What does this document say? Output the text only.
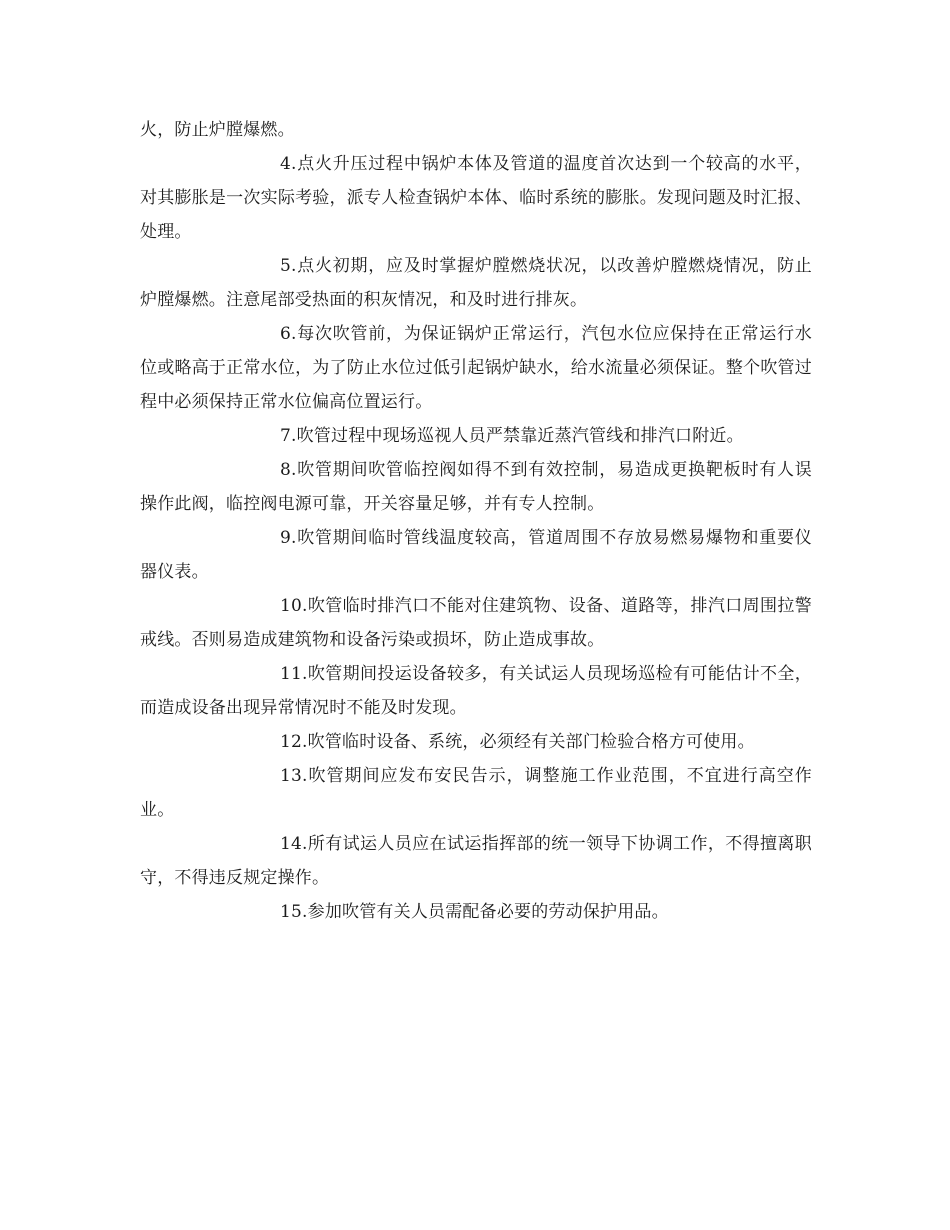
火，防止炉膛爆燃。

4.点火升压过程中锅炉本体及管道的温度首次达到一个较高的水平，对其膨胀是一次实际考验，派专人检查锅炉本体、临时系统的膨胀。发现问题及时汇报、处理。

5.点火初期，应及时掌握炉膛燃烧状况，以改善炉膛燃烧情况，防止炉膛爆燃。注意尾部受热面的积灰情况，和及时进行排灰。

6.每次吹管前，为保证锅炉正常运行，汽包水位应保持在正常运行水位或略高于正常水位，为了防止水位过低引起锅炉缺水，给水流量必须保证。整个吹管过程中必须保持正常水位偏高位置运行。

7.吹管过程中现场巡视人员严禁靠近蒸汽管线和排汽口附近。

8.吹管期间吹管临控阀如得不到有效控制，易造成更换靶板时有人误操作此阀，临控阀电源可靠，开关容量足够，并有专人控制。

9.吹管期间临时管线温度较高，管道周围不存放易燃易爆物和重要仪器仪表。

10.吹管临时排汽口不能对住建筑物、设备、道路等，排汽口周围拉警戒线。否则易造成建筑物和设备污染或损坏，防止造成事故。

11.吹管期间投运设备较多，有关试运人员现场巡检有可能估计不全，而造成设备出现异常情况时不能及时发现。

12.吹管临时设备、系统，必须经有关部门检验合格方可使用。

13.吹管期间应发布安民告示，调整施工作业范围，不宜进行高空作业。

14.所有试运人员应在试运指挥部的统一领导下协调工作，不得擅离职守，不得违反规定操作。

15.参加吹管有关人员需配备必要的劳动保护用品。
